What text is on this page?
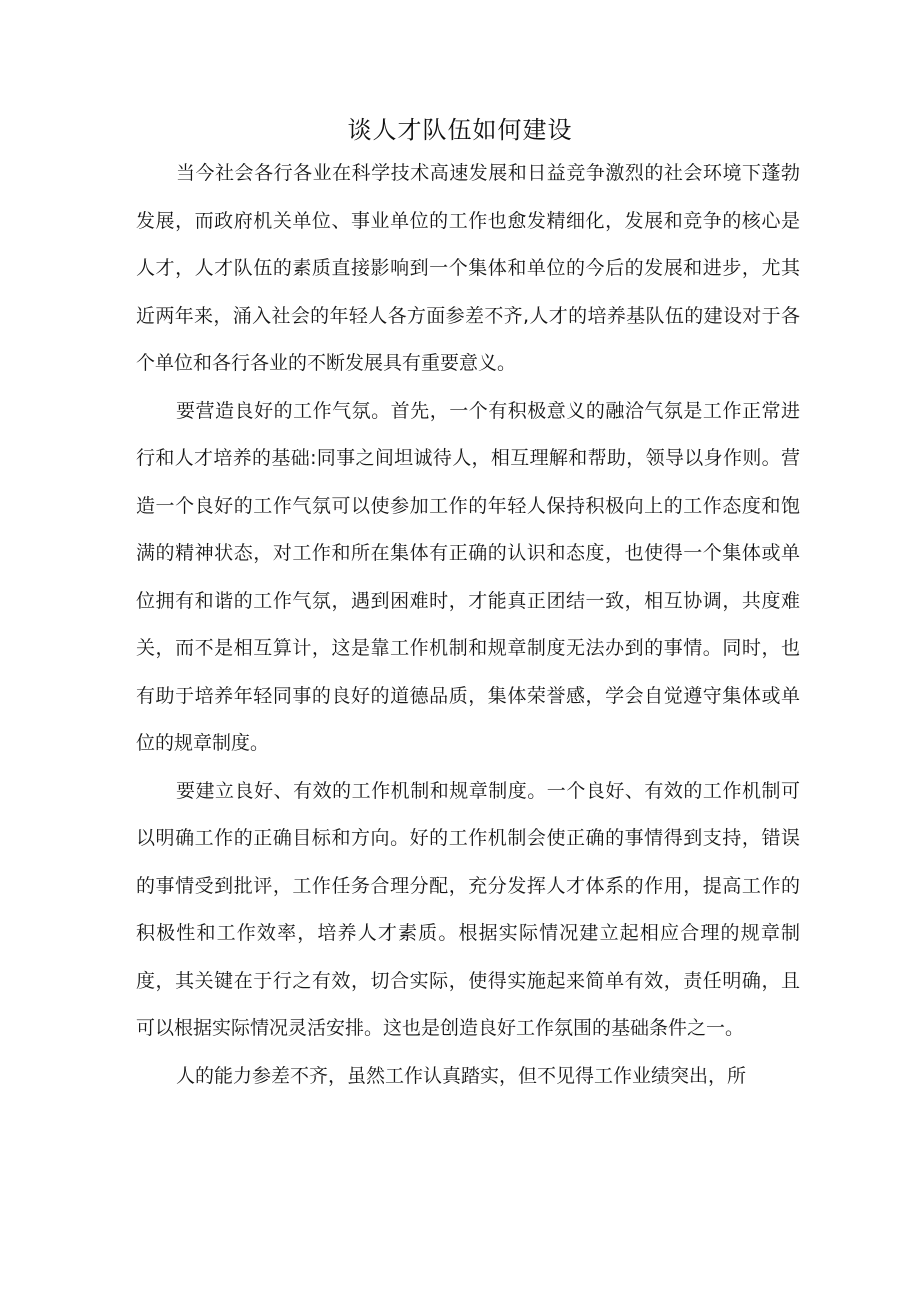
谈人才队伍如何建设

当今社会各行各业在科学技术高速发展和日益竞争激烈的社会环境下蓬勃发展，而政府机关单位、事业单位的工作也愈发精细化，发展和竞争的核心是人才，人才队伍的素质直接影响到一个集体和单位的今后的发展和进步，尤其近两年来，涌入社会的年轻人各方面参差不齐,人才的培养基队伍的建设对于各个单位和各行各业的不断发展具有重要意义。

要营造良好的工作气氛。首先，一个有积极意义的融洽气氛是工作正常进行和人才培养的基础:同事之间坦诚待人，相互理解和帮助，领导以身作则。营造一个良好的工作气氛可以使参加工作的年轻人保持积极向上的工作态度和饱满的精神状态，对工作和所在集体有正确的认识和态度，也使得一个集体或单位拥有和谐的工作气氛，遇到困难时，才能真正团结一致，相互协调，共度难关，而不是相互算计，这是靠工作机制和规章制度无法办到的事情。同时，也有助于培养年轻同事的良好的道德品质，集体荣誉感，学会自觉遵守集体或单位的规章制度。

要建立良好、有效的工作机制和规章制度。一个良好、有效的工作机制可以明确工作的正确目标和方向。好的工作机制会使正确的事情得到支持，错误的事情受到批评，工作任务合理分配，充分发挥人才体系的作用，提高工作的积极性和工作效率，培养人才素质。根据实际情况建立起相应合理的规章制度，其关键在于行之有效，切合实际，使得实施起来简单有效，责任明确，且可以根据实际情况灵活安排。这也是创造良好工作氛围的基础条件之一。

人的能力参差不齐，虽然工作认真踏实，但不见得工作业绩突出，所
